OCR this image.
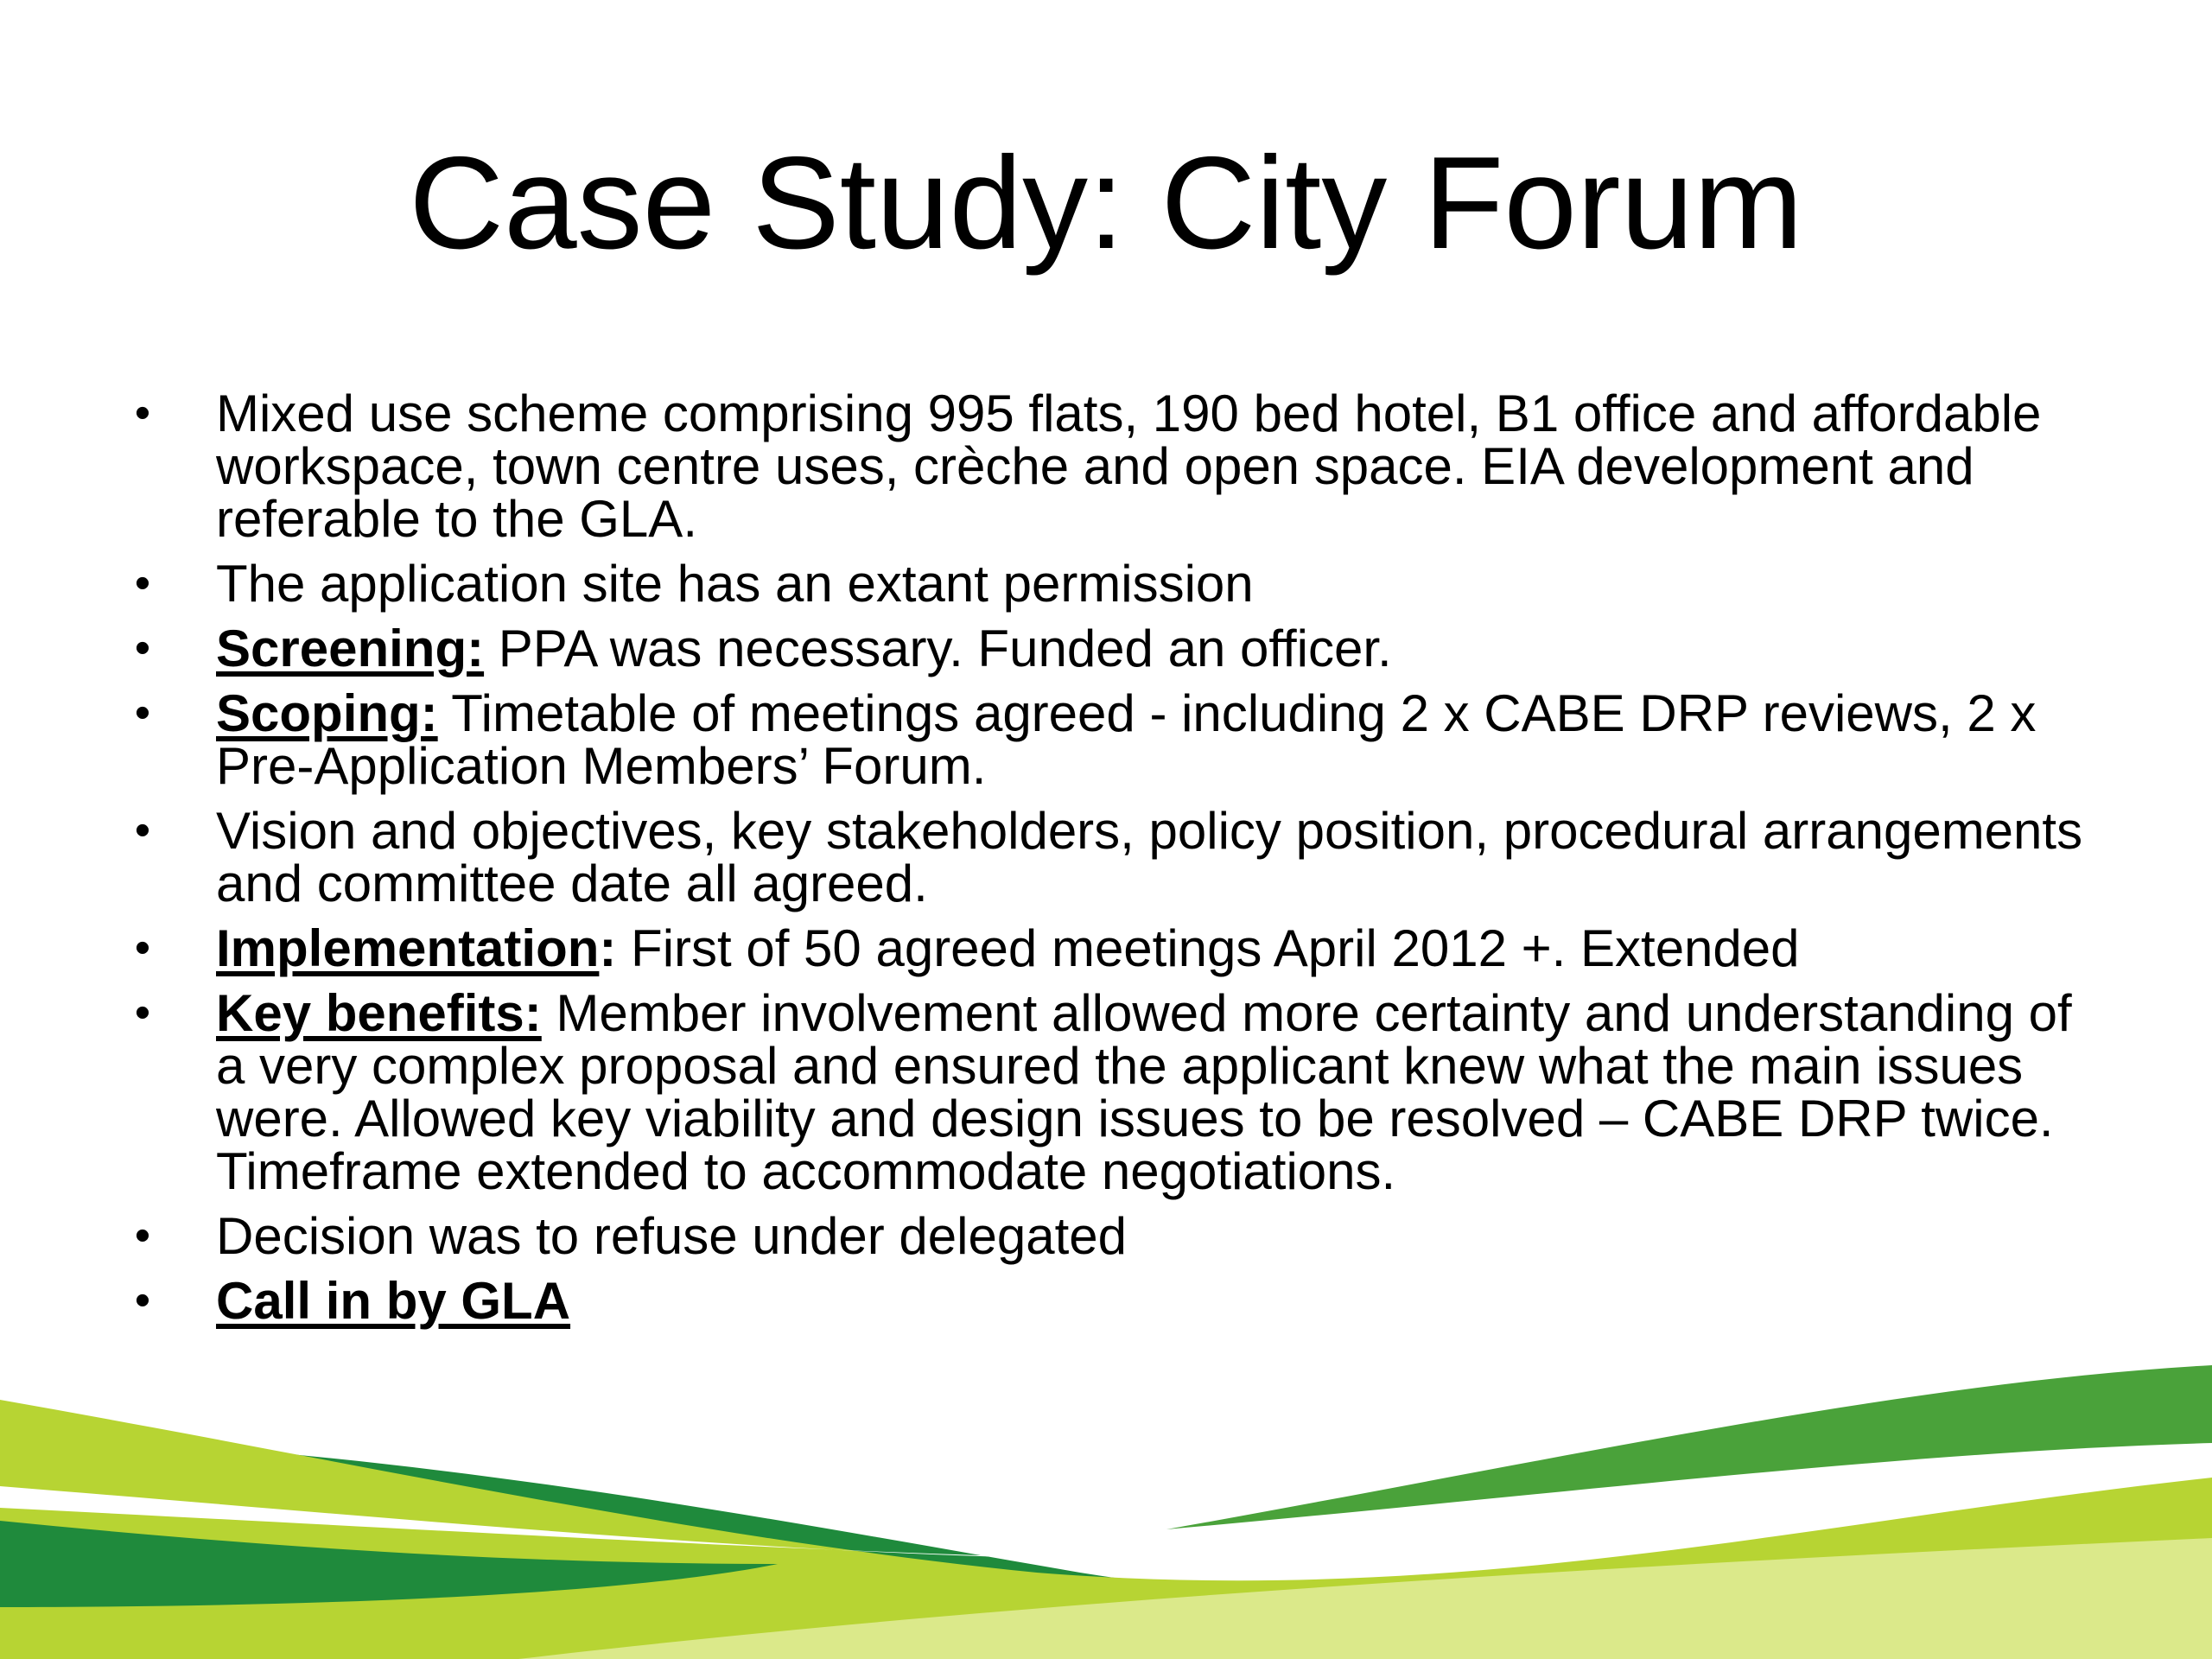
Case Study: City Forum
• Mixed use scheme comprising 995 flats, 190 bed hotel, B1 office and affordable workspace, town centre uses, crèche and open space. EIA development and referable to the GLA.
• The application site has an extant permission
• Screening: PPA was necessary. Funded an officer.
• Scoping: Timetable of meetings agreed - including 2 x CABE DRP reviews, 2 x Pre-Application Members’ Forum.
• Vision and objectives, key stakeholders, policy position, procedural arrangements and committee date all agreed.
• Implementation: First of 50 agreed meetings April 2012 +. Extended
• Key benefits: Member involvement allowed more certainty and understanding of a very complex proposal and ensured the applicant knew what the main issues were. Allowed key viability and design issues to be resolved – CABE DRP twice. Timeframe extended to accommodate negotiations.
• Decision was to refuse under delegated
• Call in by GLA
